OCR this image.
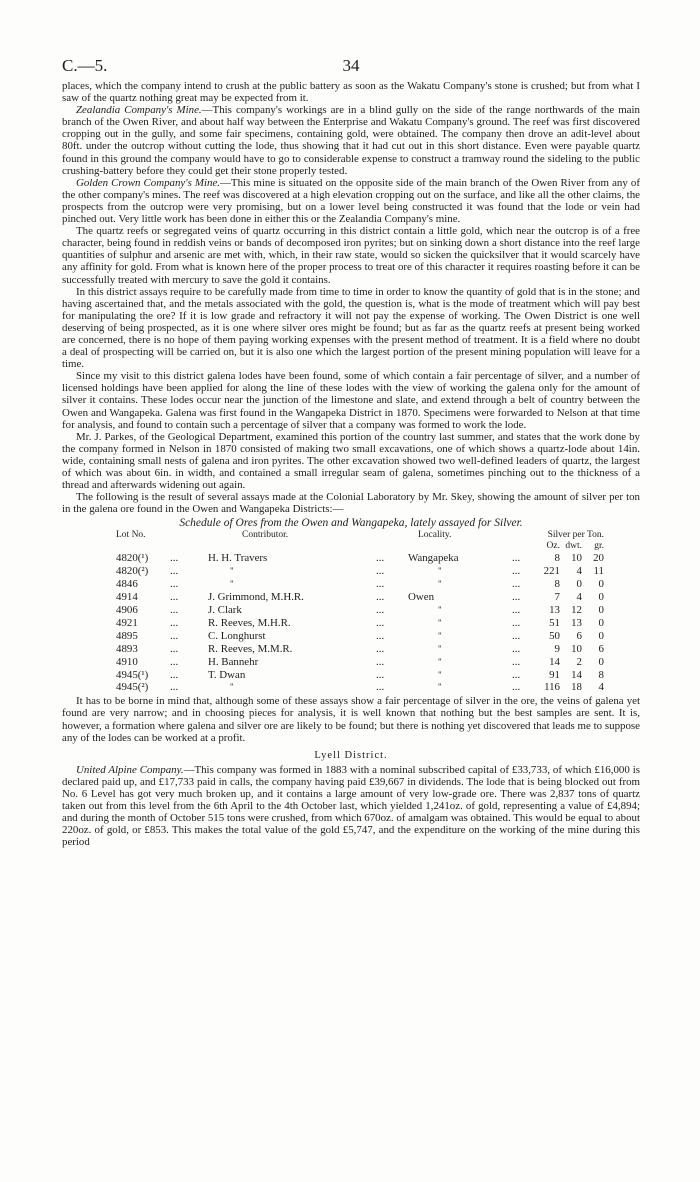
C.—5.	34

places, which the company intend to crush at the public battery as soon as the Wakatu Company's stone is crushed; but from what I saw of the quartz nothing great may be expected from it.

Zealandia Company's Mine.—This company's workings are in a blind gully on the side of the range northwards of the main branch of the Owen River, and about half way between the Enterprise and Wakatu Company's ground. The reef was first discovered cropping out in the gully, and some fair specimens, containing gold, were obtained. The company then drove an adit-level about 80ft. under the outcrop without cutting the lode, thus showing that it had cut out in this short distance. Even were payable quartz found in this ground the company would have to go to considerable expense to construct a tramway round the sideling to the public crushing-battery before they could get their stone properly tested.

Golden Crown Company's Mine.—This mine is situated on the opposite side of the main branch of the Owen River from any of the other company's mines. The reef was discovered at a high elevation cropping out on the surface, and like all the other claims, the prospects from the outcrop were very promising, but on a lower level being constructed it was found that the lode or vein had pinched out. Very little work has been done in either this or the Zealandia Company's mine.

The quartz reefs or segregated veins of quartz occurring in this district contain a little gold, which near the outcrop is of a free character, being found in reddish veins or bands of decomposed iron pyrites; but on sinking down a short distance into the reef large quantities of sulphur and arsenic are met with, which, in their raw state, would so sicken the quicksilver that it would scarcely have any affinity for gold. From what is known here of the proper process to treat ore of this character it requires roasting before it can be successfully treated with mercury to save the gold it contains.

In this district assays require to be carefully made from time to time in order to know the quantity of gold that is in the stone; and having ascertained that, and the metals associated with the gold, the question is, what is the mode of treatment which will pay best for manipulating the ore? If it is low grade and refractory it will not pay the expense of working. The Owen District is one well deserving of being prospected, as it is one where silver ores might be found; but as far as the quartz reefs at present being worked are concerned, there is no hope of them paying working expenses with the present method of treatment. It is a field where no doubt a deal of prospecting will be carried on, but it is also one which the largest portion of the present mining population will leave for a time.

Since my visit to this district galena lodes have been found, some of which contain a fair percentage of silver, and a number of licensed holdings have been applied for along the line of these lodes with the view of working the galena only for the amount of silver it contains. These lodes occur near the junction of the limestone and slate, and extend through a belt of country between the Owen and Wangapeka. Galena was first found in the Wangapeka District in 1870. Specimens were forwarded to Nelson at that time for analysis, and found to contain such a percentage of silver that a company was formed to work the lode.

Mr. J. Parkes, of the Geological Department, examined this portion of the country last summer, and states that the work done by the company formed in Nelson in 1870 consisted of making two small excavations, one of which shows a quartz-lode about 14in. wide, containing small nests of galena and iron pyrites. The other excavation showed two well-defined leaders of quartz, the largest of which was about 6in. in width, and contained a small irregular seam of galena, sometimes pinching out to the thickness of a thread and afterwards widening out again.

The following is the result of several assays made at the Colonial Laboratory by Mr. Skey, showing the amount of silver per ton in the galena ore found in the Owen and Wangapeka Districts:—

Schedule of Ores from the Owen and Wangapeka, lately assayed for Silver.
Lot No.		Contributor.		Locality.		Silver per Ton.		
						Oz.	dwt.	gr.
4820(¹)	...	H. H. Travers	...	Wangapeka	...	8	10	20
4820(²)	...	"	...	"	...	221	4	11
4846	...	"	...	"	...	8	0	0
4914	...	J. Grimmond, M.H.R.	...	Owen	...	7	4	0
4906	...	J. Clark	...	"	...	13	12	0
4921	...	R. Reeves, M.H.R.	...	"	...	51	13	0
4895	...	C. Longhurst	...	"	...	50	6	0
4893	...	R. Reeves, M.M.R.	...	"	...	9	10	6
4910	...	H. Bannehr	...	"	...	14	2	0
4945(¹)	...	T. Dwan	...	"	...	91	14	8
4945(²)	...	"	...	"	...	116	18	4

It has to be borne in mind that, although some of these assays show a fair percentage of silver in the ore, the veins of galena yet found are very narrow; and in choosing pieces for analysis, it is well known that nothing but the best samples are sent. It is, however, a formation where galena and silver ore are likely to be found; but there is nothing yet discovered that leads me to suppose any of the lodes can be worked at a profit.

Lyell District.

United Alpine Company.—This company was formed in 1883 with a nominal subscribed capital of £33,733, of which £16,000 is declared paid up, and £17,733 paid in calls, the company having paid £39,667 in dividends. The lode that is being blocked out from No. 6 Level has got very much broken up, and it contains a large amount of very low-grade ore. There was 2,837 tons of quartz taken out from this level from the 6th April to the 4th October last, which yielded 1,241oz. of gold, representing a value of £4,894; and during the month of October 515 tons were crushed, from which 670oz. of amalgam was obtained. This would be equal to about 220oz. of gold, or £853. This makes the total value of the gold £5,747, and the expenditure on the working of the mine during this period
